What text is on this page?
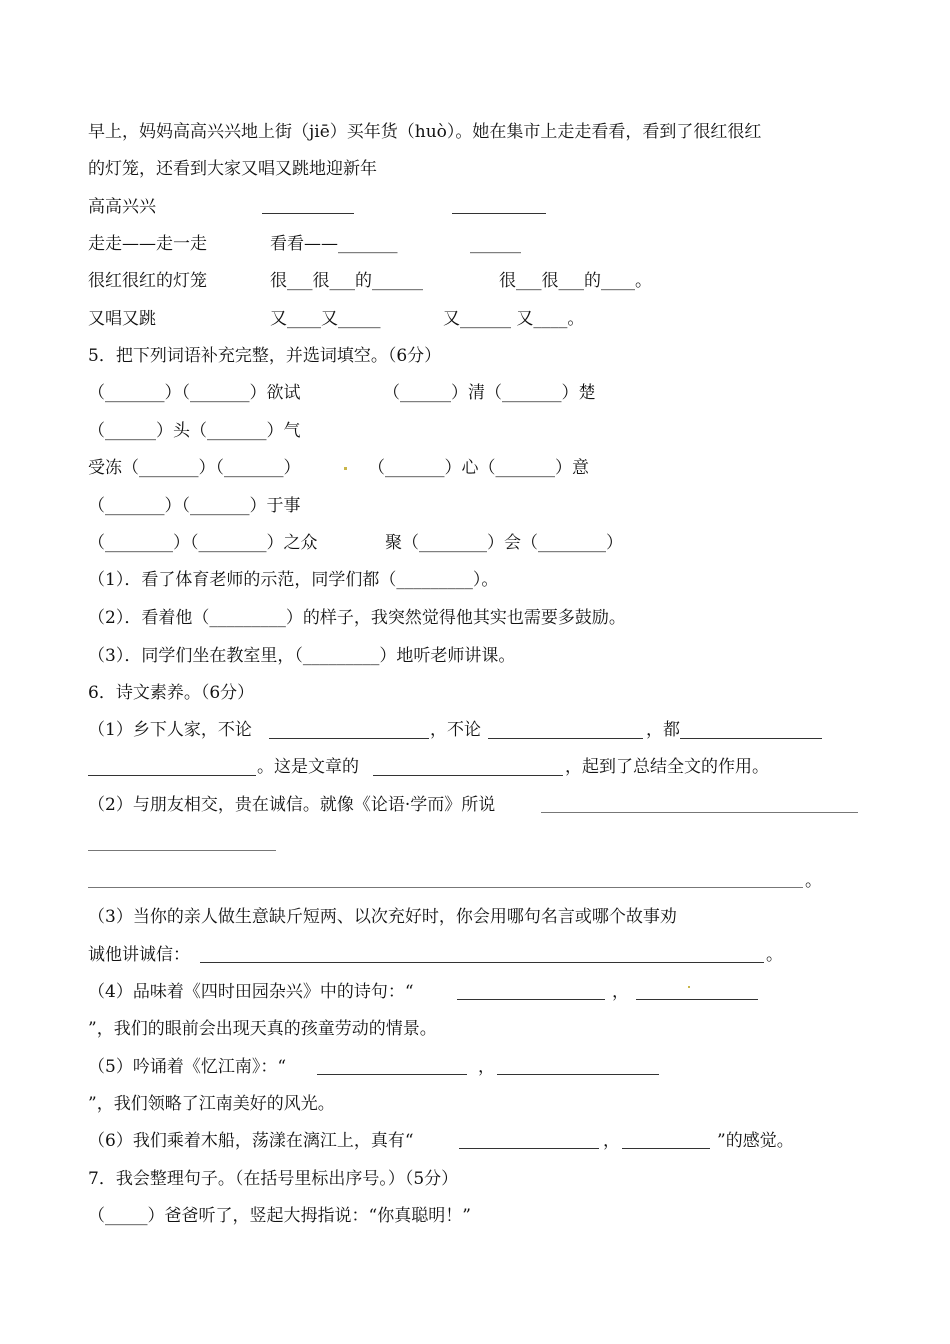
早上，妈妈高高兴兴地上街（jiē）买年货（huò）。她在集市上走走看看，看到了很红很红
的灯笼，还看到大家又唱又跳地迎新年
高高兴兴
走走——走一走	看看——_______	______
很红很红的灯笼	很___很___的______	很___很___的____。
又唱又跳	又____又_____	又______ 又____。
5．把下列词语补充完整，并选词填空。（6分）
（_______）（_______）欲试	（______）清（_______）楚
（______）头（_______）气
受冻（_______）（_______）	（_______）心（_______）意
（_______）（_______）于事
（________）（________）之众	聚（________）会（________）
（1）．看了体育老师的示范，同学们都（_________）。
（2）．看着他（_________）的样子，我突然觉得他其实也需要多鼓励。
（3）．同学们坐在教室里，（_________）地听老师讲课。
6．诗文素养。（6分）
（1）乡下人家，不论	，不论	，都
。这是文章的	，起到了总结全文的作用。
（2）与朋友相交，贵在诚信。就像《论语·学而》所说
。
（3）当你的亲人做生意缺斤短两、以次充好时，你会用哪句名言或哪个故事劝
诚他讲诚信：	。
（4）品味着《四时田园杂兴》中的诗句：“	，
”，我们的眼前会出现天真的孩童劳动的情景。
（5）吟诵着《忆江南》：“	，
”，我们领略了江南美好的风光。
（6）我们乘着木船，荡漾在漓江上，真有“	，	”的感觉。
7．我会整理句子。（在括号里标出序号。）（5分）
（_____）爸爸听了，竖起大拇指说：“你真聪明！”
